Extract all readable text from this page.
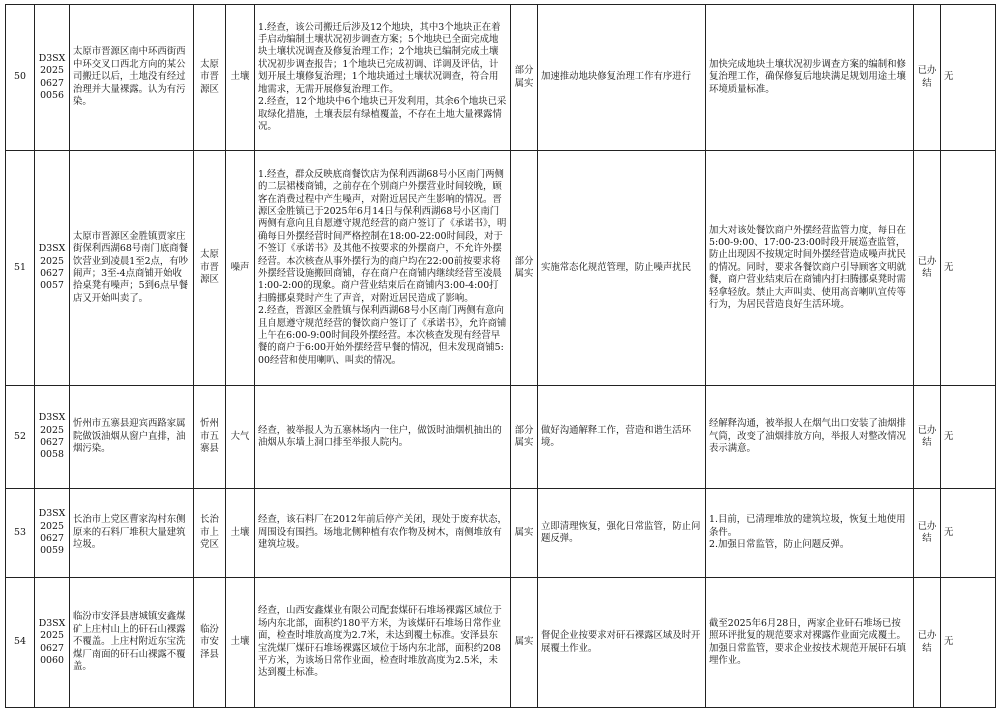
50	D3SX202506270056	太原市晋源区南中环西街西中环交叉口西北方向的某公司搬迁以后，土地没有经过治理并大量裸露。认为有污染。	太原市晋源区	土壤	1.经查，该公司搬迁后涉及12个地块，其中3个地块正在着手启动编制土壤状况初步调查方案；5个地块已全面完成地块土壤状况调查及修复治理工作；2个地块已编制完成土壤状况初步调查报告；1个地块已完成初调、详调及评估，计划开展土壤修复治理；1个地块通过土壤状况调查，符合用地需求，无需开展修复治理工作。
2.经查，12个地块中6个地块已开发利用，其余6个地块已采取绿化措施，土壤表层有绿植覆盖，不存在土地大量裸露情况。	部分属实	加速推动地块修复治理工作有序进行	加快完成地块土壤状况初步调查方案的编制和修复治理工作，确保修复后地块满足规划用途土壤环境质量标准。	已办结	无
51	D3SX202506270057	太原市晋源区金胜镇贾家庄街保利西湖68号南门底商餐饮营业到凌晨1至2点，有吵闹声；3至-4点商铺开始收拾桌凳有噪声；5到6点早餐店又开始叫卖了。	太原市晋源区	噪声	1.经查，群众反映底商餐饮店为保利西湖68号小区南门两侧的二层裙楼商铺，之前存在个别商户外摆营业时间较晚，顾客在消费过程中产生噪声，对附近居民产生影响的情况。晋源区金胜镇已于2025年6月14日与保利西湖68号小区南门两侧有意向且自愿遵守规范经营的商户签订了《承诺书》，明确每日外摆经营时间严格控制在18:00-22:00时间段，对于不签订《承诺书》及其他不按要求的外摆商户，不允许外摆经营。本次核查从事外摆行为的商户均在22:00前按要求将外摆经营设施搬回商铺，存在商户在商铺内继续经营至凌晨1:00-2:00的现象。商户营业结束后在商铺内3:00-4:00打扫腾挪桌凳时产生了声音，对附近居民造成了影响。
2.经查，晋源区金胜镇与保利西湖68号小区南门两侧有意向且自愿遵守规范经营的餐饮商户签订了《承诺书》，允许商铺上午在6:00-9:00时间段外摆经营。本次核查发现有经营早餐的商户于6:00开始外摆经营早餐的情况，但未发现商铺5:00经营和使用喇叭、叫卖的情况。	部分属实	实施常态化规范管理，防止噪声扰民	加大对该处餐饮商户外摆经营监管力度，每日在5:00-9:00、17:00-23:00时段开展巡查监管，防止出现因不按规定时间外摆经营造成噪声扰民的情况。同时，要求各餐饮商户引导顾客文明就餐，商户营业结束后在商铺内打扫腾挪桌凳时需轻拿轻放。禁止大声叫卖、使用高音喇叭宣传等行为，为居民营造良好生活环境。	已办结	无
52	D3SX202506270058	忻州市五寨县迎宾西路家属院做饭油烟从窗户直排，油烟污染。	忻州市五寨县	大气	经查，被举报人为五寨林场内一住户，做饭时油烟机抽出的油烟从东墙上洞口排至举报人院内。	部分属实	做好沟通解释工作，营造和谐生活环境。	经解释沟通，被举报人在烟气出口安装了油烟排气筒，改变了油烟排放方向，举报人对整改情况表示满意。	已办结	无
53	D3SX202506270059	长治市上党区曹家沟村东侧原来的石料厂堆积大量建筑垃圾。	长治市上党区	土壤	经查，该石料厂在2012年前后停产关闭，现处于废弃状态，周围设有围挡。场地北侧种植有农作物及树木，南侧堆放有建筑垃圾。	属实	立即清理恢复，强化日常监管，防止问题反弹。	1.目前，已清理堆放的建筑垃圾，恢复土地使用条件。
2.加强日常监管，防止问题反弹。	已办结	无
54	D3SX202506270060	临汾市安泽县唐城镇安鑫煤矿上庄村山上的矸石山裸露不覆盖。上庄村附近东宝洗煤厂南面的矸石山裸露不覆盖。	临汾市安泽县	土壤	经查，山西安鑫煤业有限公司配套煤矸石堆场裸露区域位于场内东北部，面积约180平方米，为该煤矸石堆场日常作业面，检查时堆放高度为2.7米，未达到覆土标准。安泽县东宝洗煤厂煤矸石堆场裸露区域位于场内东北部，面积约208平方米，为该场日常作业面，检查时堆放高度为2.5米，未达到覆土标准。	属实	督促企业按要求对矸石裸露区域及时开展覆土作业。	截至2025年6月28日，两家企业矸石堆场已按照环评批复的规范要求对裸露作业面完成覆土。
加强日常监管，要求企业按技术规范开展矸石填埋作业。	已办结	无
